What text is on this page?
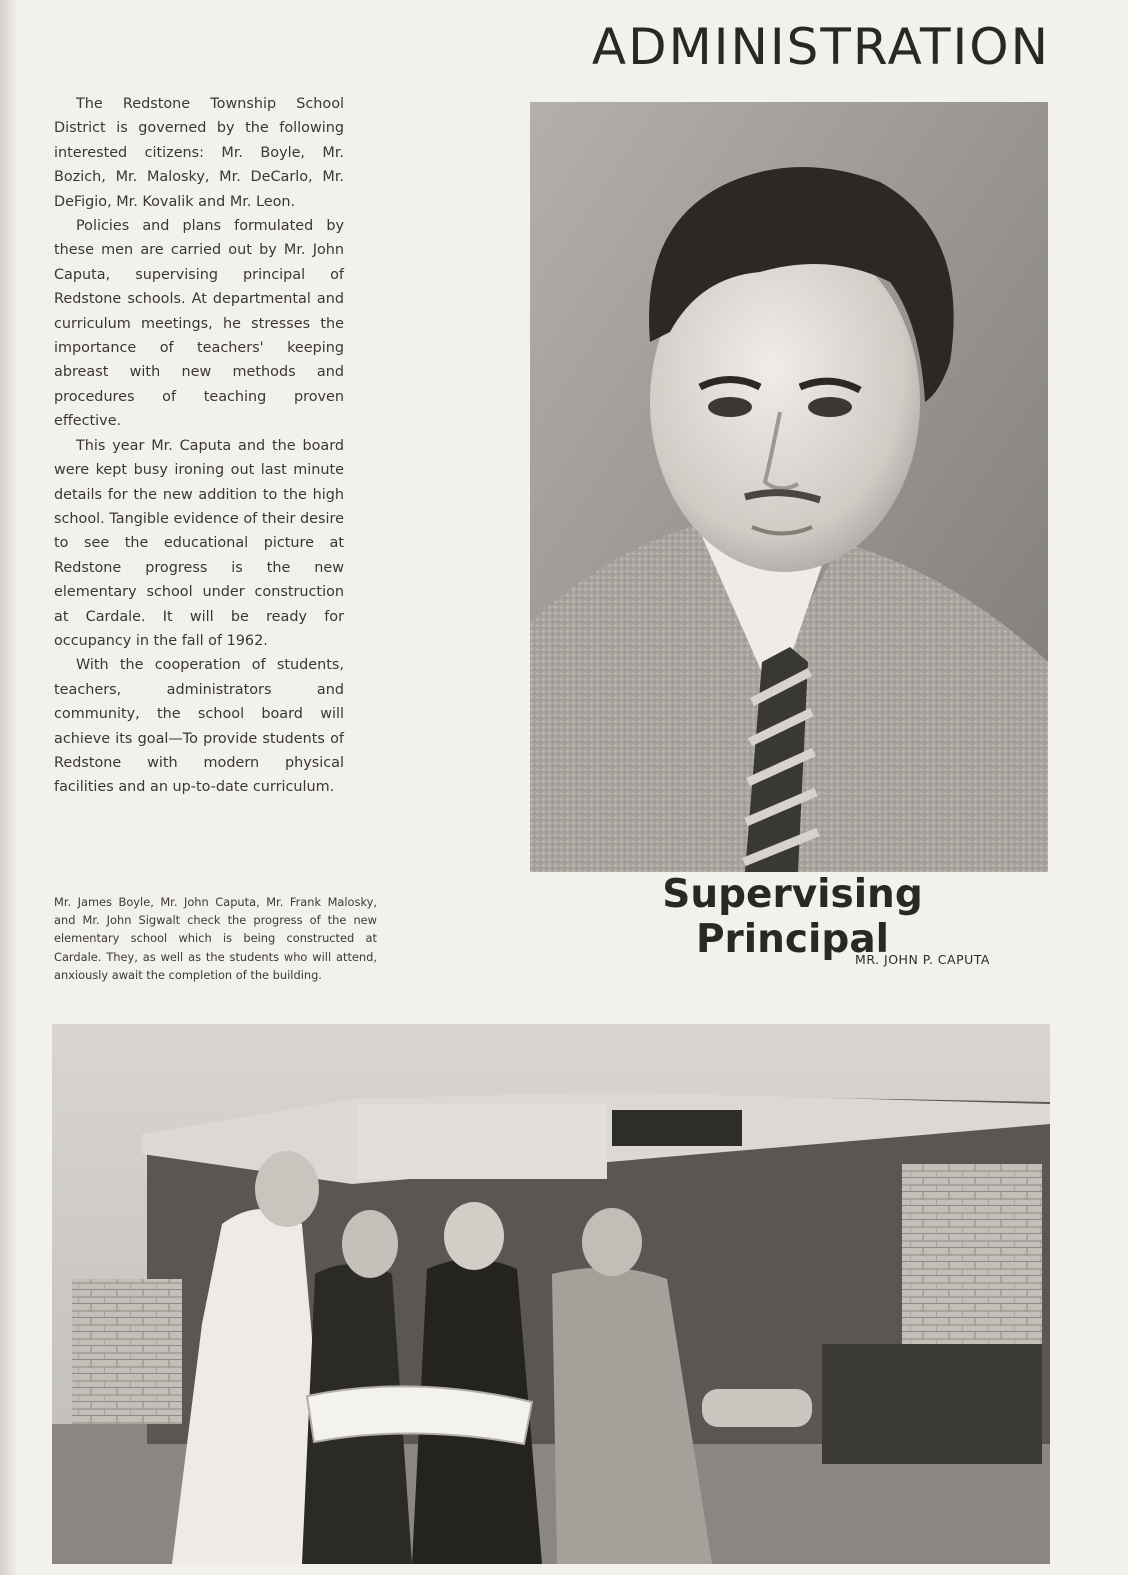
ADMINISTRATION

The Redstone Township School District is governed by the following interested citizens: Mr. Boyle, Mr. Bozich, Mr. Malosky, Mr. DeCarlo, Mr. DeFigio, Mr. Kovalik and Mr. Leon.

Policies and plans formulated by these men are carried out by Mr. John Caputa, supervising principal of Redstone schools. At departmental and curriculum meetings, he stresses the importance of teachers' keeping abreast with new methods and procedures of teaching proven effective.

This year Mr. Caputa and the board were kept busy ironing out last minute details for the new addition to the high school. Tangible evidence of their desire to see the educational picture at Redstone progress is the new elementary school under construction at Cardale. It will be ready for occupancy in the fall of 1962.

With the cooperation of students, teachers, administrators and community, the school board will achieve its goal—To provide students of Redstone with modern physical facilities and an up-to-date curriculum.

Mr. James Boyle, Mr. John Caputa, Mr. Frank Malosky, and Mr. John Sigwalt check the progress of the new elementary school which is being constructed at Cardale. They, as well as the students who will attend, anxiously await the completion of the building.

Supervising Principal
MR. JOHN P. CAPUTA
